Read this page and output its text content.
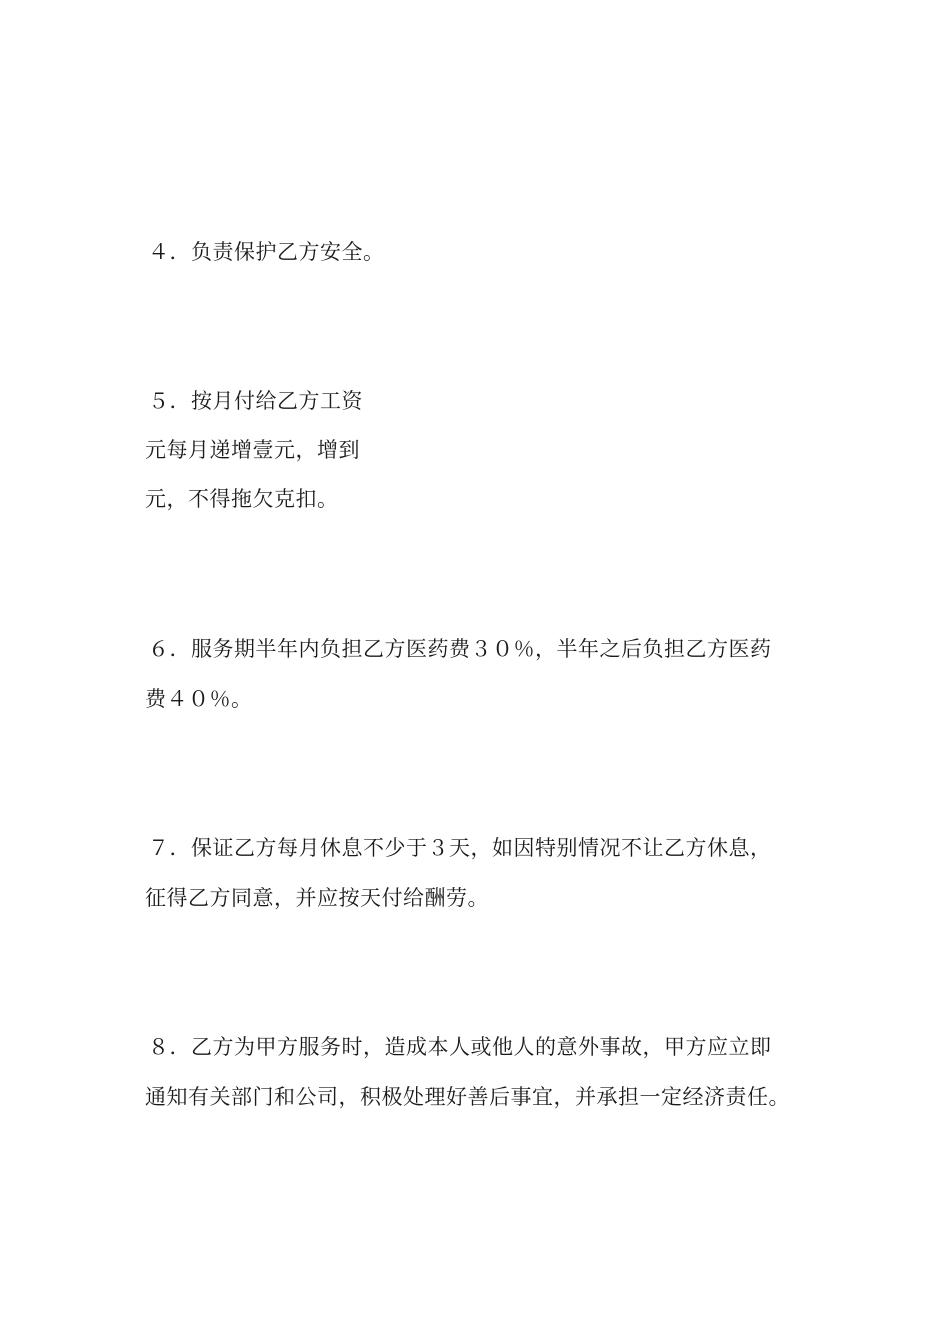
４．负责保护乙方安全。
５．按月付给乙方工资
元每月递增壹元，增到
元，不得拖欠克扣。
６．服务期半年内负担乙方医药费３０％，半年之后负担乙方医药
费４０％。
７．保证乙方每月休息不少于３天，如因特别情况不让乙方休息，
征得乙方同意，并应按天付给酬劳。
８．乙方为甲方服务时，造成本人或他人的意外事故，甲方应立即
通知有关部门和公司，积极处理好善后事宜，并承担一定经济责任。
